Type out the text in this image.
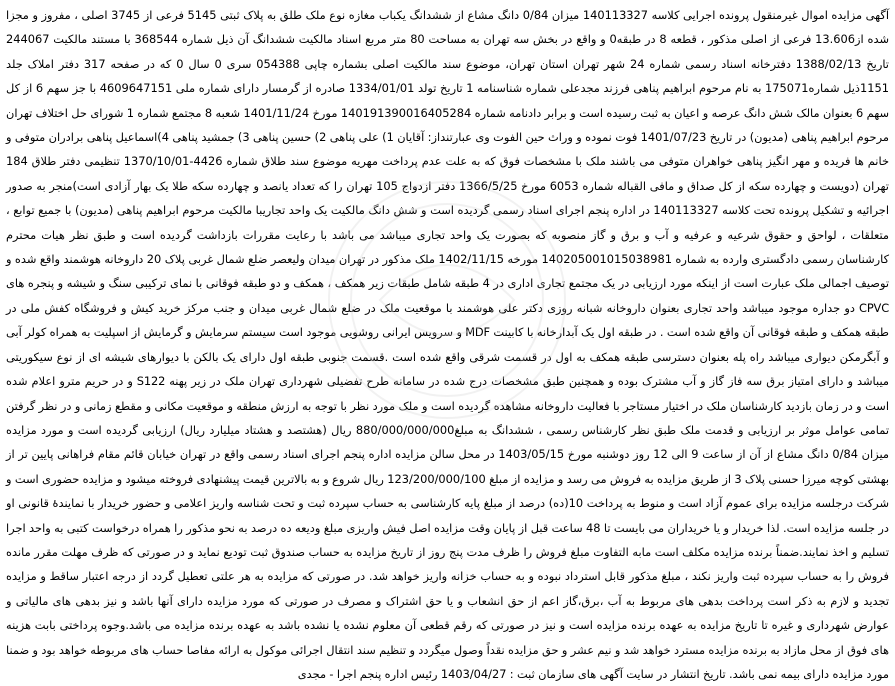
آگهی مزایده اموال غیرمنقول پرونده اجرایی کلاسه 140113327 میزان 0/84 دانگ مشاع از ششدانگ یکباب مغازه نوع ملک طلق به پلاک ثبتی 5145 فرعی از 3745 اصلی ، مفروز و مجزا شده از13.606 فرعی از اصلی مذکور ، قطعه 8 در طبقه0 و واقع در بخش سه تهران به مساحت 80 متر مربع اسناد مالکیت ششدانگ آن ذیل شماره 368544 با مستند مالکیت 244067 تاریخ 1388/02/13 دفترخانه اسناد رسمی شماره 24 شهر تهران استان تهران، موضوع سند مالکیت اصلی بشماره چاپی 054388 سری 0 سال 0 که در صفحه 317 دفتر املاک جلد 1151ذیل شماره175071 به نام مرحوم ابراهیم پناهی فرزند مجدعلی شماره شناسنامه 1 تاریخ تولد 1334/01/01 صادره از گرمسار دارای شماره ملی 4609647151 با جز سهم 6 از کل سهم 6 بعنوان مالک شش دانگ عرصه و اعیان به ثبت رسیده است و برابر دادنامه شماره 140191390016405284 مورخ 1401/11/24 شعبه 8 مجتمع شماره 1 شورای حل اختلاف تهران مرحوم ابراهیم پناهی (مدیون) در تاریخ 1401/07/23 فوت نموده و وراث حین الفوت وی عبارتنداز: آقایان 1) علی پناهی 2) حسین پناهی 3) جمشید پناهی 4)اسماعیل پناهی برادران متوفی و خانم ها فریده و مهر انگیز پناهی خواهران متوفی می باشند ملک با مشخصات فوق که به علت عدم پرداخت مهریه موضوع سند طلاق شماره 4426-1370/10/01 تنظیمی دفتر طلاق 184 تهران (دویست و چهارده سکه از کل صداق و مافی القباله شماره 6053 مورخ 1366/5/25 دفتر ازدواج 105 تهران را که تعداد یانصد و چهارده سکه طلا یک بهار آزادی است)منجر به صدور اجرائیه و تشکیل پرونده تحت کلاسه 140113327 در اداره پنجم اجرای اسناد رسمی گردیده است و شش دانگ مالکیت یک واحد تجاریبا مالکیت مرحوم ابراهیم پناهی (مدیون) با جمیع توابع ، متعلقات ، لواحق و حقوق شرعیه و عرفیه و آب و برق و گاز منصوبه که بصورت یک واحد تجاری میباشد می باشد با رعایت مقررات بازداشت گردیده است و طبق نظر هیات محترم کارشناسان رسمی دادگستری وارده به شماره 140205001015038981 مورخه 1402/11/15 ملک مذکور در تهران میدان ولیعصر ضلع شمال غربی پلاک 20 داروخانه هوشمند واقع شده و توصیف اجمالی ملک عبارت است از اینکه مورد ارزیابی در یک مجتمع تجاری اداری در 4 طبقه شامل طبقات زیر همکف ، همکف و دو طبقه فوقانی با نمای ترکیبی سنگ و شیشه و پنجره های CPVC دو جداره موجود میباشد واحد تجاری بعنوان داروخانه شبانه روزی دکتر علی هوشمند با موقعیت ملک در ضلع شمال غربی میدان و جنب مرکز خرید کیش و فروشگاه کفش ملی در طبقه همکف و طبقه فوقانی آن واقع شده است . در طبقه اول یک آبدارخانه با کابینت MDF و سرویس ایرانی روشویی موجود است سیستم سرمایش و گرمایش از اسپلیت به همراه کولر آبی و آبگرمکن دیواری میباشد راه پله بعنوان دسترسی طبقه همکف به اول در قسمت شرقی واقع شده است .قسمت جنوبی طبقه اول دارای یک بالکن با دیوارهای شیشه ای از نوع سیکوریتی میباشد و دارای امتیاز برق سه فاز گاز و آب مشترک بوده و همچنین طبق مشخصات درج شده در سامانه طرح تفضیلی شهرداری تهران ملک در زیر پهنه S122 و در حریم مترو اعلام شده است و در زمان بازدید کارشناسان ملک در اختیار مستاجر با فعالیت داروخانه مشاهده گردیده است و ملک مورد نظر با توجه به ارزش منطقه و موقعیت مکانی و مقطع زمانی و در نظر گرفتن تمامی عوامل موثر بر ارزیابی و قدمت ملک طبق نظر کارشناس رسمی ، ششدانگ به مبلغ880/000/000/000 ریال (هشتصد و هشتاد میلیارد ریال) ارزیابی گردیده است و مورد مزایده میزان 0/84 دانگ مشاع از آن از ساعت 9 الی 12 روز دوشنبه مورخ 1403/05/15 در محل سالن مزایده اداره پنجم اجرای اسناد رسمی واقع در تهران خیابان قائم مقام فراهانی پایین تر از بهشتی کوچه میرزا حسنی پلاک 3 از طریق مزایده به فروش می رسد و مزایده از مبلغ 123/200/000/100 ریال شروع و به بالاترین قیمت پیشنهادی فروخته میشود و مزایده حضوری است و شرکت درجلسه مزایده برای عموم آزاد است و منوط به پرداخت 10(ده) درصد از مبلغ پایه کارشناسی به حساب سپرده ثبت و تحت شناسه واریز اعلامی و حضور خریدار با نمایندۀ قانونی او در جلسه مزایده است. لذا خریدار و یا خریداران می بایست تا 48 ساعت قبل از پایان وقت مزایده اصل فیش واریزی مبلغ ودیعه ده درصد به نحو مذکور را همراه درخواست کتبی به واحد اجرا تسلیم و اخذ نمایند.ضمناً برنده مزایده مکلف است مابه التفاوت مبلغ فروش را ظرف مدت پنج روز از تاریخ مزایده به حساب صندوق ثبت تودیع نماید و در صورتی که ظرف مهلت مقرر مانده فروش را به حساب سپرده ثبت واریز نکند ، مبلغ مذکور قابل استرداد نبوده و به حساب خزانه واریز خواهد شد. در صورتی که مزایده به هر علتی تعطیل گردد از درجه اعتبار ساقط و مزایده تجدید و لازم به ذکر است پرداخت بدهی های مربوط به آب ،برق،گاز اعم از حق انشعاب و یا حق اشتراک و مصرف در صورتی که مورد مزایده دارای آنها باشد و نیز بدهی های مالیاتی و عوارض شهرداری و غیره تا تاریخ مزایده به عهده برنده مزایده است و نیز در صورتی که رقم قطعی آن معلوم نشده یا نشده باشد به عهده برنده مزایده می باشد.وجوه پرداختی بابت هزینه های فوق از محل مازاد به برنده مزایده مسترد خواهد شد و نیم عشر و حق مزایده نقداً وصول میگردد و تنظیم سند انتقال اجرائی موکول به ارائه مفاصا حساب های مربوطه خواهد بود و ضمنا مورد مزایده دارای بیمه نمی باشد. تاریخ انتشار در سایت آگهی های سازمان ثبت : 1403/04/27 رئیس اداره پنجم اجرا - مجدی
